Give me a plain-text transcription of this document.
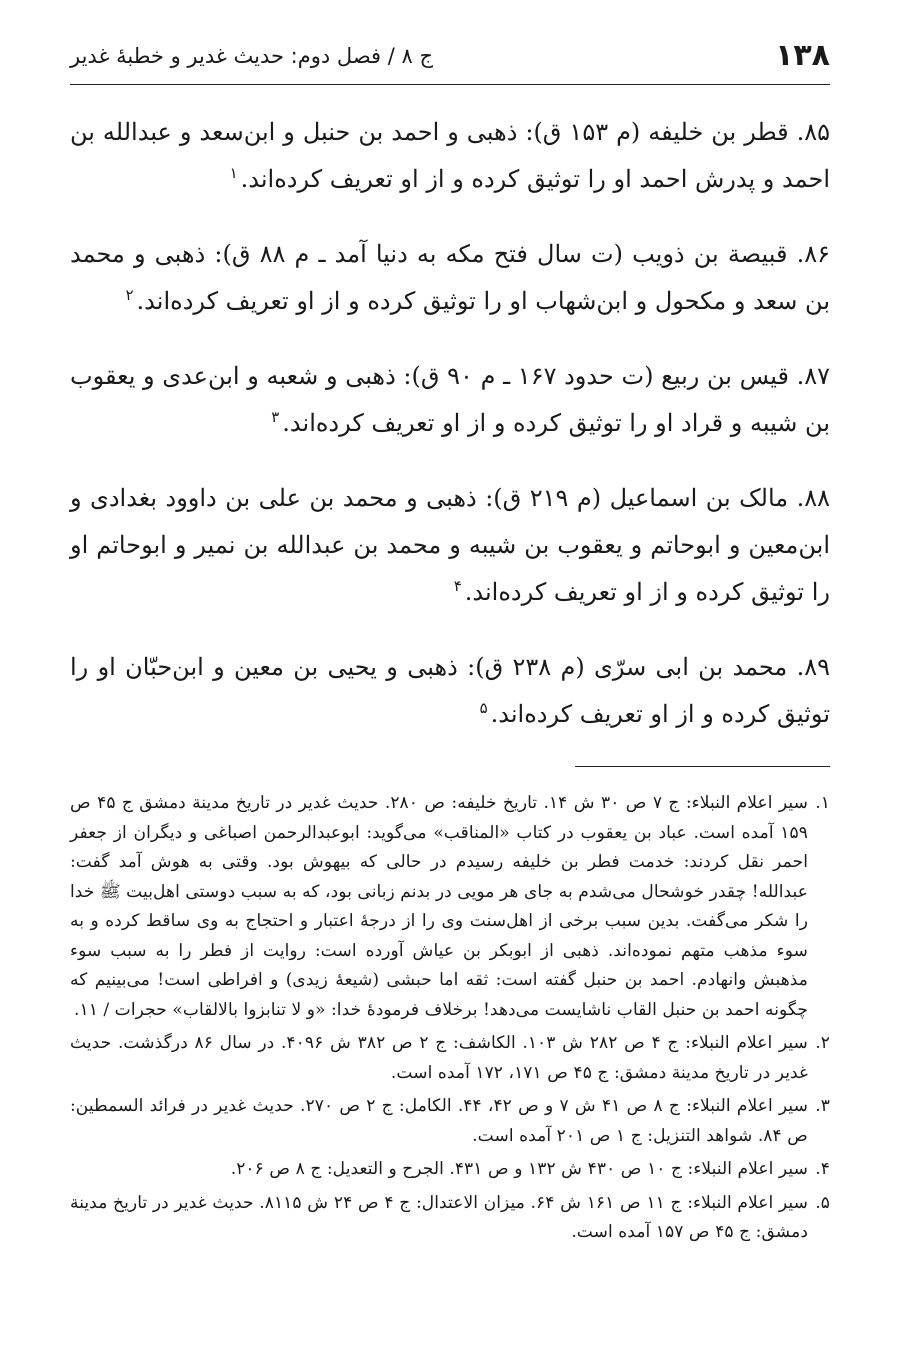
۱۳۸
ج ۸ / فصل دوم: حدیث غدیر و خطبهٔ غدیر

۸۵. قطر بن خلیفه (م ۱۵۳ ق): ذهبی و احمد بن حنبل و ابن‌سعد و عبدالله بن احمد و پدرش احمد او را توثیق کرده و از او تعریف کرده‌اند.$^۱$

۸۶. قبیصة بن ذویب (ت سال فتح مکه به دنیا آمد ـ م ۸۸ ق): ذهبی و محمد بن سعد و مکحول و ابن‌شهاب او را توثیق کرده و از او تعریف کرده‌اند.$^۲$

۸۷. قیس بن ربیع (ت حدود ۱۶۷ ـ م ۹۰ ق): ذهبی و شعبه و ابن‌عدی و یعقوب بن شیبه و قراد او را توثیق کرده و از او تعریف کرده‌اند.$^۳$

۸۸. مالک بن اسماعیل (م ۲۱۹ ق): ذهبی و محمد بن علی بن داوود بغدادی و ابن‌معین و ابوحاتم و یعقوب بن شیبه و محمد بن عبدالله بن نمیر و ابوحاتم او را توثیق کرده و از او تعریف کرده‌اند.$^۴$

۸۹. محمد بن ابی سرّی (م ۲۳۸ ق): ذهبی و یحیی بن معین و ابن‌حبّان او را توثیق کرده و از او تعریف کرده‌اند.$^۵$

۱.
سیر اعلام النبلاء: ج ۷ ص ۳۰ ش ۱۴. تاریخ خلیفه: ص ۲۸۰. حدیث غدیر در تاریخ مدینة دمشق ج ۴۵ ص ۱۵۹ آمده است. عباد بن یعقوب در کتاب «المناقب» می‌گوید: ابوعبدالرحمن اصباغی و دیگران از جعفر احمر نقل کردند: خدمت فطر بن خلیفه رسیدم در حالی که بیهوش بود. وقتی به هوش آمد گفت: عبدالله! چقدر خوشحال می‌شدم به جای هر مویی در بدنم زبانی بود، که به سبب دوستی اهل‌بیت ﷺ خدا را شکر می‌گفت. بدین سبب برخی از اهل‌سنت وی را از درجهٔ اعتبار و احتجاج به وی ساقط کرده و به سوء مذهب متهم نموده‌اند. ذهبی از ابوبکر بن عیاش آورده است: روایت از فطر را به سبب سوء مذهبش وانهادم. احمد بن حنبل گفته است: ثقه اما حبشی (شیعهٔ زیدی) و افراطی است! می‌بینیم که چگونه احمد بن حنبل القاب ناشایست می‌دهد! برخلاف فرمودهٔ خدا: «و لا تنابزوا بالالقاب» حجرات / ۱۱.
۲.
سیر اعلام النبلاء: ج ۴ ص ۲۸۲ ش ۱۰۳. الکاشف: ج ۲ ص ۳۸۲ ش ۴۰۹۶. در سال ۸۶ درگذشت. حدیث غدیر در تاریخ مدینة دمشق: ج ۴۵ ص ۱۷۱، ۱۷۲ آمده است.
۳.
سیر اعلام النبلاء: ج ۸ ص ۴۱ ش ۷ و ص ۴۲، ۴۴. الکامل: ج ۲ ص ۲۷۰. حدیث غدیر در فرائد السمطین: ص ۸۴. شواهد التنزیل: ج ۱ ص ۲۰۱ آمده است.
۴.
سیر اعلام النبلاء: ج ۱۰ ص ۴۳۰ ش ۱۳۲ و ص ۴۳۱. الجرح و التعدیل: ج ۸ ص ۲۰۶.
۵.
سیر اعلام النبلاء: ج ۱۱ ص ۱۶۱ ش ۶۴. میزان الاعتدال: ج ۴ ص ۲۴ ش ۸۱۱۵. حدیث غدیر در تاریخ مدینة دمشق: ج ۴۵ ص ۱۵۷ آمده است.
